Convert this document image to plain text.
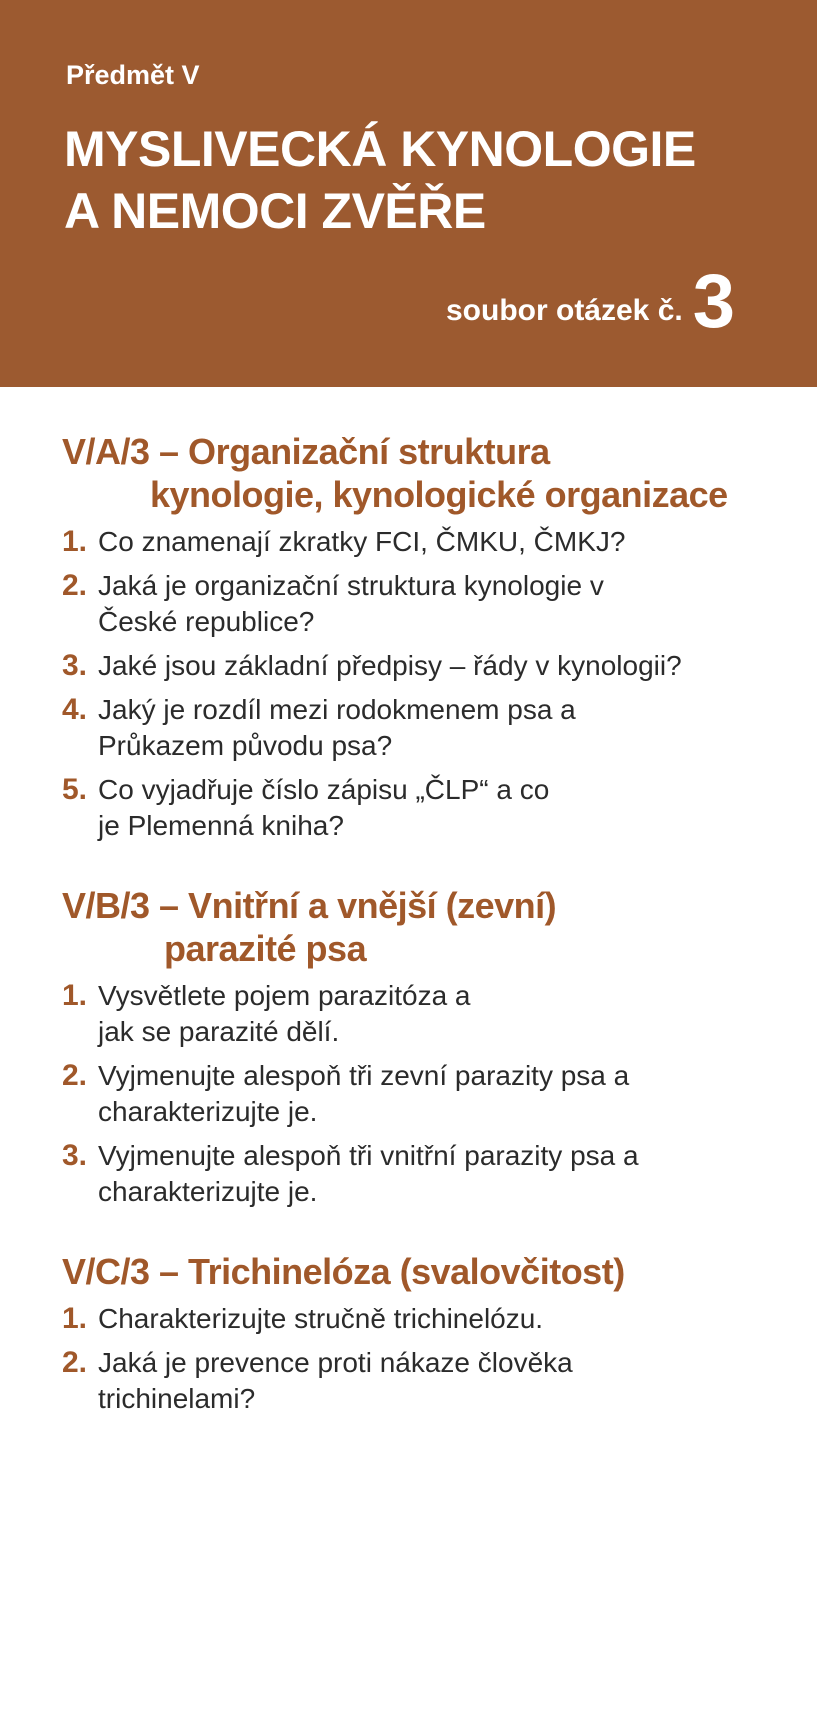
Předmět V
MYSLIVECKÁ KYNOLOGIE
A NEMOCI ZVĚŘE
soubor otázek č. 3
V/A/3 – Organizační struktura
kynologie, kynologické organizace
1. Co znamenají zkratky FCI, ČMKU, ČMKJ?
2. Jaká je organizační struktura kynologie v České republice?
3. Jaké jsou základní předpisy – řády v kynologii?
4. Jaký je rozdíl mezi rodokmenem psa a Průkazem původu psa?
5. Co vyjadřuje číslo zápisu „ČLP“ a co je Plemenná kniha?
V/B/3 – Vnitřní a vnější (zevní)
parazité psa
1. Vysvětlete pojem parazitóza a jak se parazité dělí.
2. Vyjmenujte alespoň tři zevní parazity psa a charakterizujte je.
3. Vyjmenujte alespoň tři vnitřní parazity psa a charakterizujte je.
V/C/3 – Trichinelóza (svalovčitost)
1. Charakterizujte stručně trichinelózu.
2. Jaká je prevence proti nákaze člověka trichinelami?
